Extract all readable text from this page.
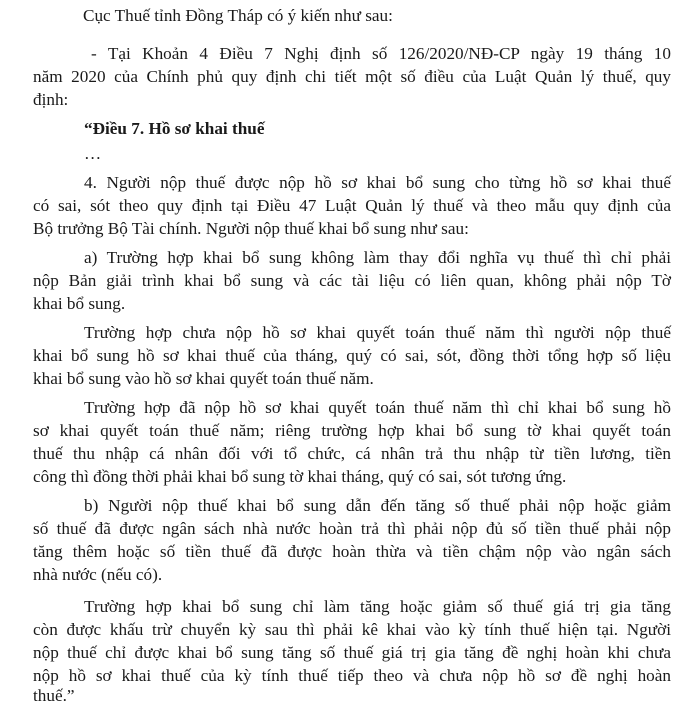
Cục Thuế tỉnh Đồng Tháp có ý kiến như sau:

- Tại Khoản 4 Điều 7 Nghị định số 126/2020/NĐ-CP ngày 19 tháng 10

năm 2020 của Chính phủ quy định chi tiết một số điều của Luật Quản lý thuế, quy

định:

“Điều 7. Hồ sơ khai thuế

…

4. Người nộp thuế được nộp hồ sơ khai bổ sung cho từng hồ sơ khai thuế

có sai, sót theo quy định tại Điều 47 Luật Quản lý thuế và theo mẫu quy định của

Bộ trưởng Bộ Tài chính. Người nộp thuế khai bổ sung như sau:

a) Trường hợp khai bổ sung không làm thay đổi nghĩa vụ thuế thì chỉ phải

nộp Bản giải trình khai bổ sung và các tài liệu có liên quan, không phải nộp Tờ

khai bổ sung.

Trường hợp chưa nộp hồ sơ khai quyết toán thuế năm thì người nộp thuế

khai bổ sung hồ sơ khai thuế của tháng, quý có sai, sót, đồng thời tổng hợp số liệu

khai bổ sung vào hồ sơ khai quyết toán thuế năm.

Trường hợp đã nộp hồ sơ khai quyết toán thuế năm thì chỉ khai bổ sung hồ

sơ khai quyết toán thuế năm; riêng trường hợp khai bổ sung tờ khai quyết toán

thuế thu nhập cá nhân đối với tổ chức, cá nhân trả thu nhập từ tiền lương, tiền

công thì đồng thời phải khai bổ sung tờ khai tháng, quý có sai, sót tương ứng.

b) Người nộp thuế khai bổ sung dẫn đến tăng số thuế phải nộp hoặc giảm

số thuế đã được ngân sách nhà nước hoàn trả thì phải nộp đủ số tiền thuế phải nộp

tăng thêm hoặc số tiền thuế đã được hoàn thừa và tiền chậm nộp vào ngân sách

nhà nước (nếu có).

Trường hợp khai bổ sung chỉ làm tăng hoặc giảm số thuế giá trị gia tăng

còn được khấu trừ chuyển kỳ sau thì phải kê khai vào kỳ tính thuế hiện tại. Người

nộp thuế chỉ được khai bổ sung tăng số thuế giá trị gia tăng đề nghị hoàn khi chưa

nộp hồ sơ khai thuế của kỳ tính thuế tiếp theo và chưa nộp hồ sơ đề nghị hoàn

thuế.”
